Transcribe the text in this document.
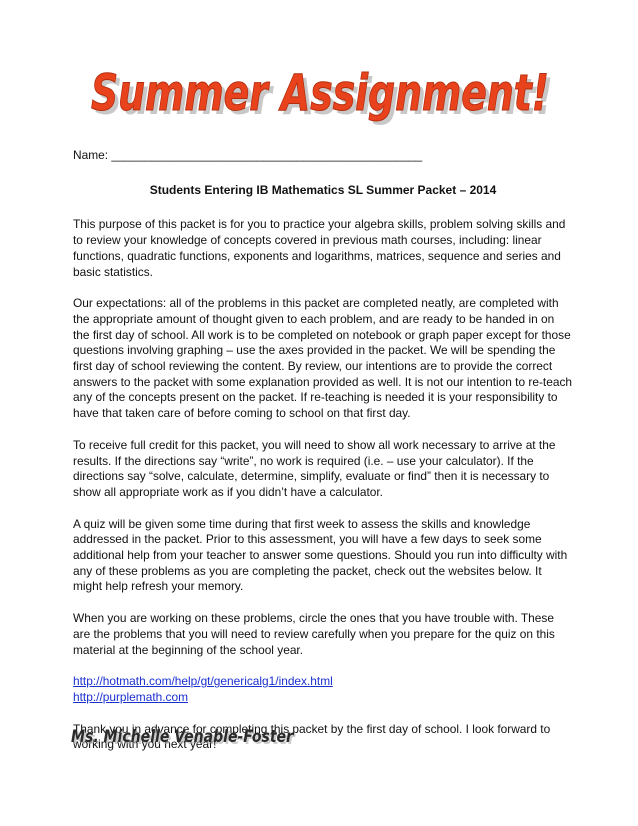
Summer Assignment!
Summer Assignment!
Name: _______________________________________________
Students Entering IB Mathematics SL Summer Packet – 2014

This purpose of this packet is for you to practice your algebra skills, problem solving skills and to review your knowledge of concepts covered in previous math courses, including: linear functions, quadratic functions, exponents and logarithms, matrices, sequence and series and basic statistics.

Our expectations: all of the problems in this packet are completed neatly, are completed with the appropriate amount of thought given to each problem, and are ready to be handed in on the first day of school. All work is to be completed on notebook or graph paper except for those questions involving graphing – use the axes provided in the packet. We will be spending the first day of school reviewing the content. By review, our intentions are to provide the correct answers to the packet with some explanation provided as well. It is not our intention to re-teach any of the concepts present on the packet. If re-teaching is needed it is your responsibility to have that taken care of before coming to school on that first day.

To receive full credit for this packet, you will need to show all work necessary to arrive at the results. If the directions say “write”, no work is required (i.e. – use your calculator). If the directions say “solve, calculate, determine, simplify, evaluate or find” then it is necessary to show all appropriate work as if you didn’t have a calculator.

A quiz will be given some time during that first week to assess the skills and knowledge addressed in the packet. Prior to this assessment, you will have a few days to seek some additional help from your teacher to answer some questions. Should you run into difficulty with any of these problems as you are completing the packet, check out the websites below. It might help refresh your memory.

When you are working on these problems, circle the ones that you have trouble with. These are the problems that you will need to review carefully when you prepare for the quiz on this material at the beginning of the school year.

http://hotmath.com/help/gt/genericalg1/index.html
http://purplemath.com

Thank you in advance for completing this packet by the first day of school. I look forward to working with you next year!

Ms. Michelle Venable-Foster
Ms. Michelle Venable-Foster
